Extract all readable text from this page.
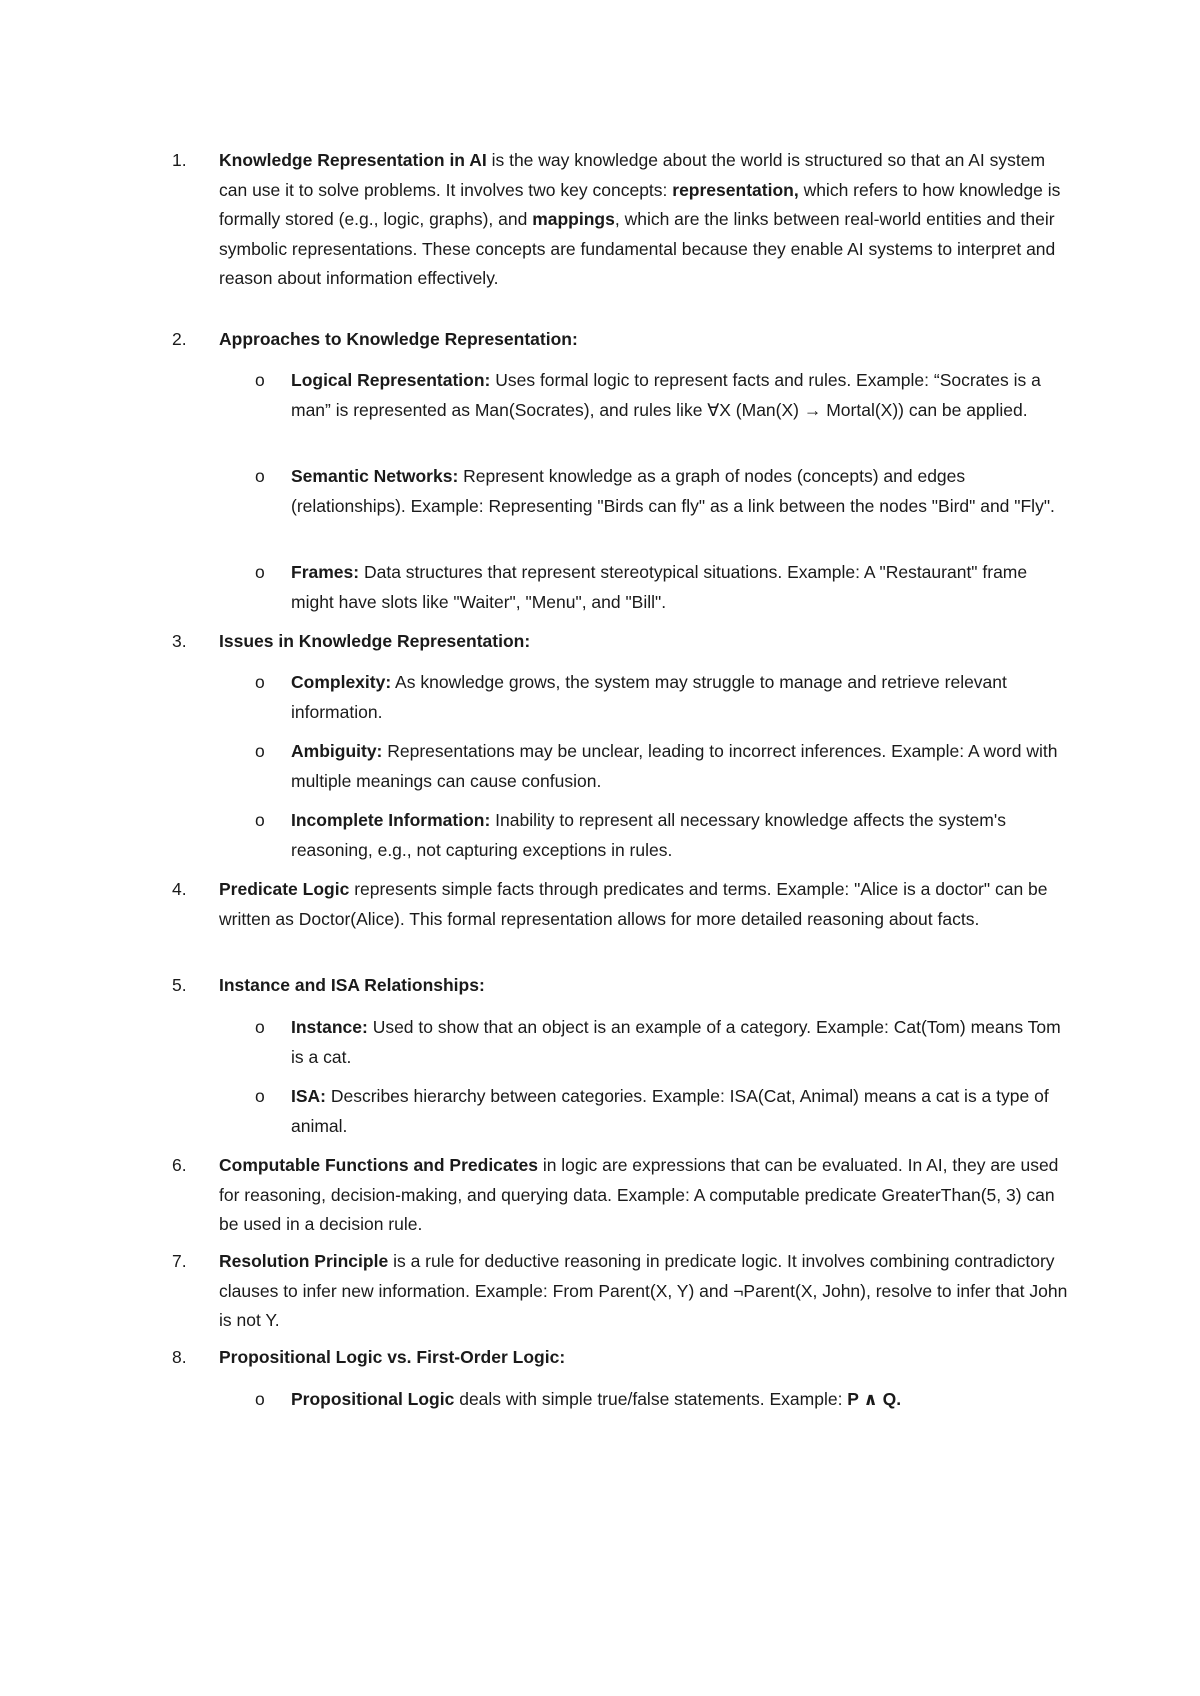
1.	Knowledge Representation in AI is the way knowledge about the world is structured so that an AI system can use it to solve problems. It involves two key concepts: representation, which refers to how knowledge is formally stored (e.g., logic, graphs), and mappings, which are the links between real-world entities and their symbolic representations. These concepts are fundamental because they enable AI systems to interpret and reason about information effectively.
2.	Approaches to Knowledge Representation:
o	Logical Representation: Uses formal logic to represent facts and rules. Example: “Socrates is a man” is represented as Man(Socrates), and rules like ∀X (Man(X) → Mortal(X)) can be applied.
o	Semantic Networks: Represent knowledge as a graph of nodes (concepts) and edges (relationships). Example: Representing "Birds can fly" as a link between the nodes "Bird" and "Fly".
o	Frames: Data structures that represent stereotypical situations. Example: A "Restaurant" frame might have slots like "Waiter", "Menu", and "Bill".
3.	Issues in Knowledge Representation:
o	Complexity: As knowledge grows, the system may struggle to manage and retrieve relevant information.
o	Ambiguity: Representations may be unclear, leading to incorrect inferences. Example: A word with multiple meanings can cause confusion.
o	Incomplete Information: Inability to represent all necessary knowledge affects the system's reasoning, e.g., not capturing exceptions in rules.
4.	Predicate Logic represents simple facts through predicates and terms. Example: "Alice is a doctor" can be written as Doctor(Alice). This formal representation allows for more detailed reasoning about facts.
5.	Instance and ISA Relationships:
o	Instance: Used to show that an object is an example of a category. Example: Cat(Tom) means Tom is a cat.
o	ISA: Describes hierarchy between categories. Example: ISA(Cat, Animal) means a cat is a type of animal.
6.	Computable Functions and Predicates in logic are expressions that can be evaluated. In AI, they are used for reasoning, decision-making, and querying data. Example: A computable predicate GreaterThan(5, 3) can be used in a decision rule.
7.	Resolution Principle is a rule for deductive reasoning in predicate logic. It involves combining contradictory clauses to infer new information. Example: From Parent(X, Y) and ¬Parent(X, John), resolve to infer that John is not Y.
8.	Propositional Logic vs. First-Order Logic:
o	Propositional Logic deals with simple true/false statements. Example: P ∧ Q.
